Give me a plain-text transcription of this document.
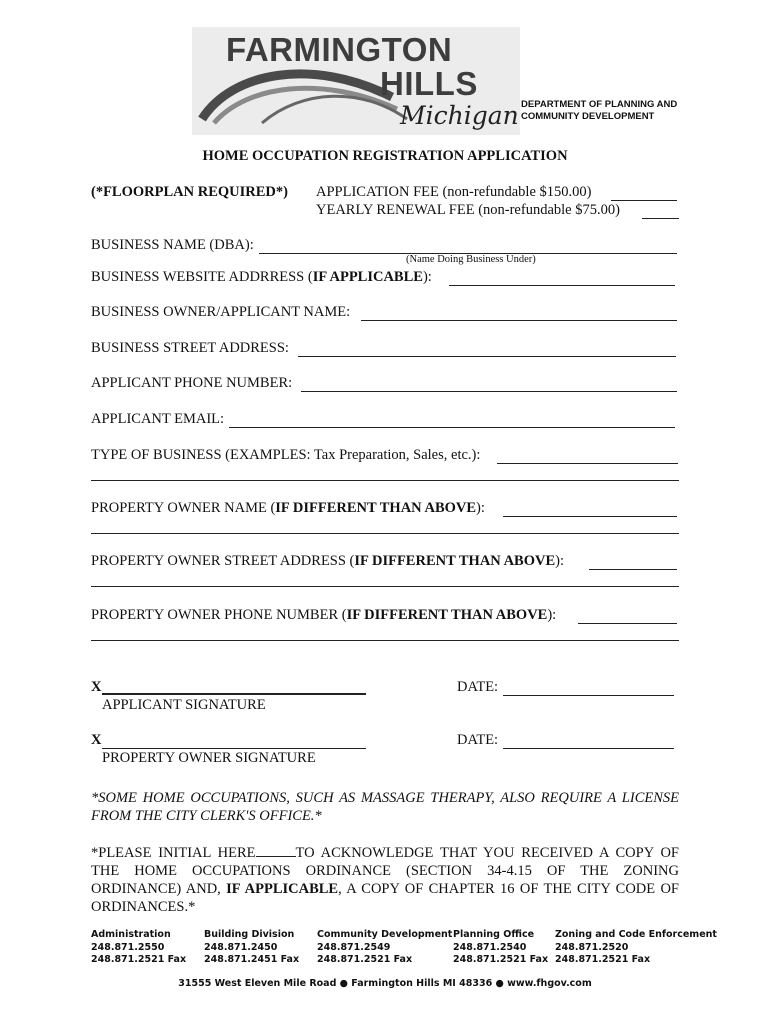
FARMINGTON
HILLS
Michigan DEPARTMENT OF PLANNING AND
COMMUNITY DEVELOPMENT
HOME OCCUPATION REGISTRATION APPLICATION
(*FLOORPLAN REQUIRED*) APPLICATION FEE (non-refundable $150.00)
YEARLY RENEWAL FEE (non-refundable $75.00)
BUSINESS NAME (DBA):
(Name Doing Business Under)
BUSINESS WEBSITE ADDRRESS (IF APPLICABLE):
BUSINESS OWNER/APPLICANT NAME:
BUSINESS STREET ADDRESS:
APPLICANT PHONE NUMBER:
APPLICANT EMAIL:
TYPE OF BUSINESS (EXAMPLES: Tax Preparation, Sales, etc.):
PROPERTY OWNER NAME (IF DIFFERENT THAN ABOVE):
PROPERTY OWNER STREET ADDRESS (IF DIFFERENT THAN ABOVE):
PROPERTY OWNER PHONE NUMBER (IF DIFFERENT THAN ABOVE):
X
APPLICANT SIGNATURE
DATE:
X
PROPERTY OWNER SIGNATURE
DATE:
*SOME HOME OCCUPATIONS, SUCH AS MASSAGE THERAPY, ALSO REQUIRE A LICENSE FROM THE CITY CLERK'S OFFICE.*
*PLEASE INITIAL HERE	TO ACKNOWLEDGE THAT YOU RECEIVED A COPY OF THE HOME OCCUPATIONS ORDINANCE (SECTION 34-4.15 OF THE ZONING ORDINANCE) AND, IF APPLICABLE, A COPY OF CHAPTER 16 OF THE CITY CODE OF ORDINANCES.*
Administration
248.871.2550
248.871.2521 Fax
Building Division
248.871.2450
248.871.2451 Fax
Community Development
248.871.2549
248.871.2521 Fax
Planning Office
248.871.2540
248.871.2521 Fax
Zoning and Code Enforcement
248.871.2520
248.871.2521 Fax
31555 West Eleven Mile Road ● Farmington Hills MI 48336 ● www.fhgov.com
